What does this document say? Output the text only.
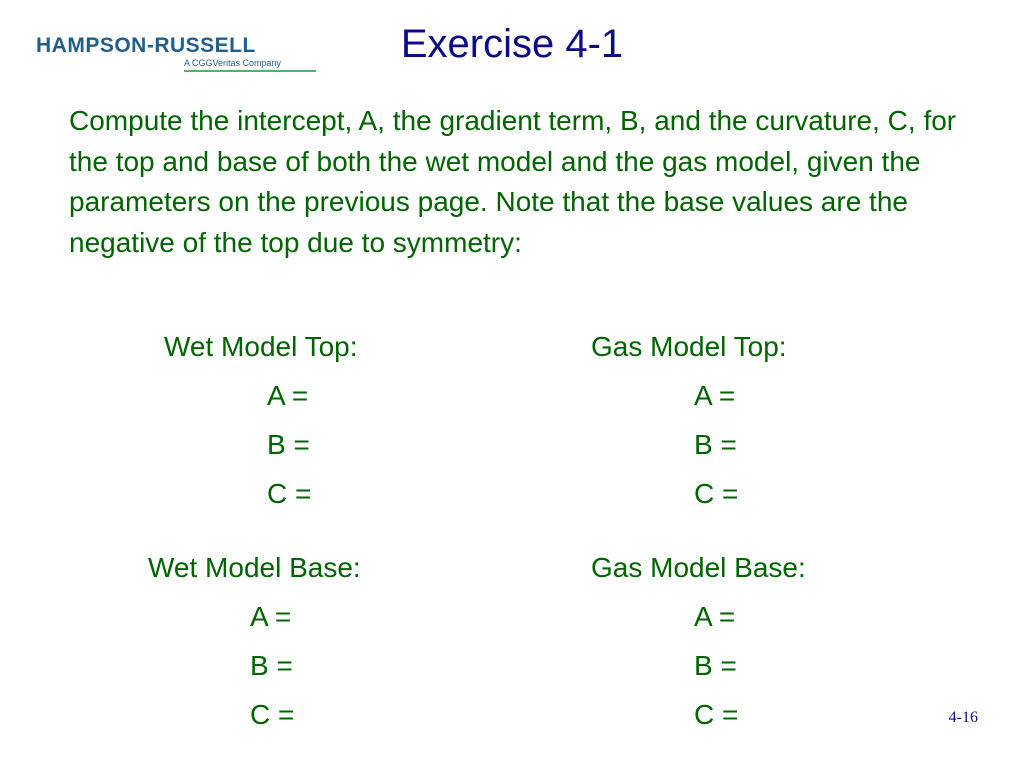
HAMPSON-RUSSELL
A CGGVeritas Company	Exercise 4-1
Compute the intercept, A, the gradient term, B, and the curvature, C, for the top and base of both the wet model and the gas model, given the parameters on the previous page. Note that the base values are the negative of the top due to symmetry:
Wet Model Top:
A =
B =
C =
Gas Model Top:
A =
B =
C =
Wet Model Base:
A =
B =
C =
Gas Model Base:
A =
B =
C =	4-16
